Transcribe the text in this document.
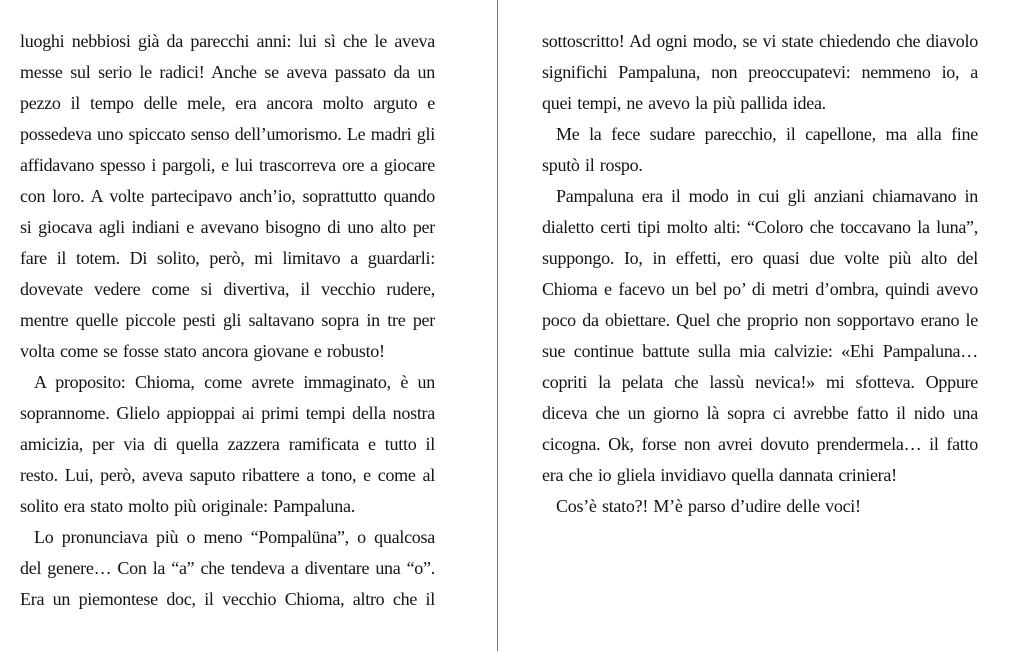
luoghi nebbiosi già da parecchi anni: lui sì che le aveva messe sul serio le radici! Anche se aveva passato da un pezzo il tempo delle mele, era ancora molto arguto e possedeva uno spiccato senso dell’umorismo. Le madri gli affidavano spesso i pargoli, e lui trascorreva ore a giocare con loro. A volte partecipavo anch’io, soprattutto quando si giocava agli indiani e avevano bisogno di uno alto per fare il totem. Di solito, però, mi limitavo a guardarli: dovevate vedere come si divertiva, il vecchio rudere, mentre quelle piccole pesti gli saltavano sopra in tre per volta come se fosse stato ancora giovane e robusto!

A proposito: Chioma, come avrete immaginato, è un soprannome. Glielo appioppai ai primi tempi della nostra amicizia, per via di quella zazzera ramificata e tutto il resto. Lui, però, aveva saputo ribattere a tono, e come al solito era stato molto più originale: Pampaluna.

Lo pronunciava più o meno “Pompalüna”, o qualcosa del genere… Con la “a” che tendeva a diventare una “o”. Era un piemontese doc, il vecchio Chioma, altro che il

sottoscritto! Ad ogni modo, se vi state chiedendo che diavolo significhi Pampaluna, non preoccupatevi: nemmeno io, a quei tempi, ne avevo la più pallida idea.

Me la fece sudare parecchio, il capellone, ma alla fine sputò il rospo.

Pampaluna era il modo in cui gli anziani chiamavano in dialetto certi tipi molto alti: “Coloro che toccavano la luna”, suppongo. Io, in effetti, ero quasi due volte più alto del Chioma e facevo un bel po’ di metri d’ombra, quindi avevo poco da obiettare. Quel che proprio non sopportavo erano le sue continue battute sulla mia calvizie: «Ehi Pampaluna… copriti la pelata che lassù nevica!» mi sfotteva. Oppure diceva che un giorno là sopra ci avrebbe fatto il nido una cicogna. Ok, forse non avrei dovuto prendermela… il fatto era che io gliela invidiavo quella dannata criniera!

Cos’è stato?! M’è parso d’udire delle voci!
